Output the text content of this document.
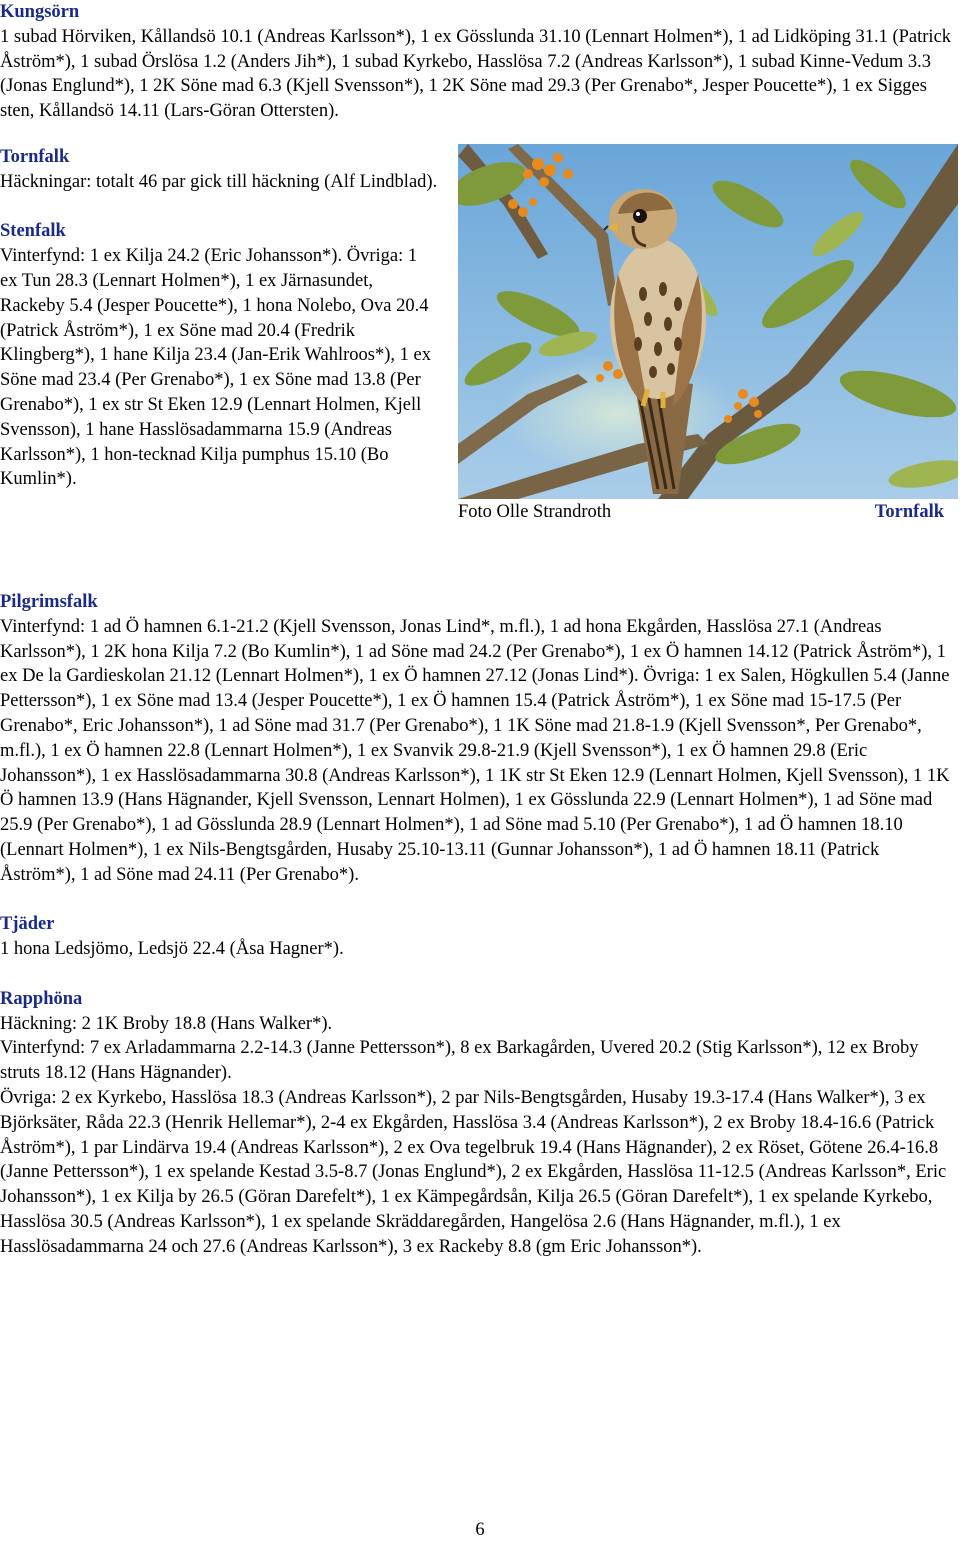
Kungsörn

1 subad Hörviken, Kållandsö 10.1 (Andreas Karlsson*), 1 ex Gösslunda 31.10 (Lennart Holmen*), 1 ad Lidköping 31.1 (Patrick Åström*), 1 subad Örslösa 1.2 (Anders Jih*), 1 subad Kyrkebo, Hasslösa 7.2 (Andreas Karlsson*), 1 subad Kinne-Vedum 3.3 (Jonas Englund*), 1 2K Söne mad 6.3 (Kjell Svensson*), 1 2K Söne mad 29.3 (Per Grenabo*, Jesper Poucette*), 1 ex Sigges sten, Kållandsö 14.11 (Lars-Göran Ottersten).

Tornfalk

Häckningar: totalt 46 par gick till häckning (Alf Lindblad).

Stenfalk

Vinterfynd: 1 ex Kilja 24.2 (Eric Johansson*). Övriga: 1 ex Tun 28.3 (Lennart Holmen*), 1 ex Järnasundet, Rackeby 5.4 (Jesper Poucette*), 1 hona Nolebo, Ova 20.4 (Patrick Åström*), 1 ex Söne mad 20.4 (Fredrik Klingberg*), 1 hane Kilja 23.4 (Jan-Erik Wahlroos*), 1 ex Söne mad 23.4 (Per Grenabo*), 1 ex Söne mad 13.8 (Per Grenabo*), 1 ex str St Eken 12.9 (Lennart Holmen, Kjell Svensson), 1 hane Hasslösadammarna 15.9 (Andreas Karlsson*), 1 hon-tecknad Kilja pumphus 15.10 (Bo Kumlin*).

Foto Olle Strandroth	Tornfalk
Pilgrimsfalk

Vinterfynd: 1 ad Ö hamnen 6.1-21.2 (Kjell Svensson, Jonas Lind*, m.fl.), 1 ad hona Ekgården, Hasslösa 27.1 (Andreas Karlsson*), 1 2K hona Kilja 7.2 (Bo Kumlin*), 1 ad Söne mad 24.2 (Per Grenabo*), 1 ex Ö hamnen 14.12 (Patrick Åström*), 1 ex De la Gardieskolan 21.12 (Lennart Holmen*), 1 ex Ö hamnen 27.12 (Jonas Lind*). Övriga: 1 ex Salen, Högkullen 5.4 (Janne Pettersson*), 1 ex Söne mad 13.4 (Jesper Poucette*), 1 ex Ö hamnen 15.4 (Patrick Åström*), 1 ex Söne mad 15-17.5 (Per Grenabo*, Eric Johansson*), 1 ad Söne mad 31.7 (Per Grenabo*), 1 1K Söne mad 21.8-1.9 (Kjell Svensson*, Per Grenabo*, m.fl.), 1 ex Ö hamnen 22.8 (Lennart Holmen*), 1 ex Svanvik 29.8-21.9 (Kjell Svensson*), 1 ex Ö hamnen 29.8 (Eric Johansson*), 1 ex Hasslösadammarna 30.8 (Andreas Karlsson*), 1 1K str St Eken 12.9 (Lennart Holmen, Kjell Svensson), 1 1K Ö hamnen 13.9 (Hans Hägnander, Kjell Svensson, Lennart Holmen), 1 ex Gösslunda 22.9 (Lennart Holmen*), 1 ad Söne mad 25.9 (Per Grenabo*), 1 ad Gösslunda 28.9 (Lennart Holmen*), 1 ad Söne mad 5.10 (Per Grenabo*), 1 ad Ö hamnen 18.10 (Lennart Holmen*), 1 ex Nils-Bengtsgården, Husaby 25.10-13.11 (Gunnar Johansson*), 1 ad Ö hamnen 18.11 (Patrick Åström*), 1 ad Söne mad 24.11 (Per Grenabo*).

Tjäder

1 hona Ledsjömo, Ledsjö 22.4 (Åsa Hagner*).

Rapphöna

Häckning: 2 1K Broby 18.8 (Hans Walker*).

Vinterfynd: 7 ex Arladammarna 2.2-14.3 (Janne Pettersson*), 8 ex Barkagården, Uvered 20.2 (Stig Karlsson*), 12 ex Broby struts 18.12 (Hans Hägnander).

Övriga: 2 ex Kyrkebo, Hasslösa 18.3 (Andreas Karlsson*), 2 par Nils-Bengtsgården, Husaby 19.3-17.4 (Hans Walker*), 3 ex Björksäter, Råda 22.3 (Henrik Hellemar*), 2-4 ex Ekgården, Hasslösa 3.4 (Andreas Karlsson*), 2 ex Broby 18.4-16.6 (Patrick Åström*), 1 par Lindärva 19.4 (Andreas Karlsson*), 2 ex Ova tegelbruk 19.4 (Hans Hägnander), 2 ex Röset, Götene 26.4-16.8 (Janne Pettersson*), 1 ex spelande Kestad 3.5-8.7 (Jonas Englund*), 2 ex Ekgården, Hasslösa 11-12.5 (Andreas Karlsson*, Eric Johansson*), 1 ex Kilja by 26.5 (Göran Darefelt*), 1 ex Kämpegårdsån, Kilja 26.5 (Göran Darefelt*), 1 ex spelande Kyrkebo, Hasslösa 30.5 (Andreas Karlsson*), 1 ex spelande Skräddaregården, Hangelösa 2.6 (Hans Hägnander, m.fl.), 1 ex Hasslösadammarna 24 och 27.6 (Andreas Karlsson*), 3 ex Rackeby 8.8 (gm Eric Johansson*).

6
